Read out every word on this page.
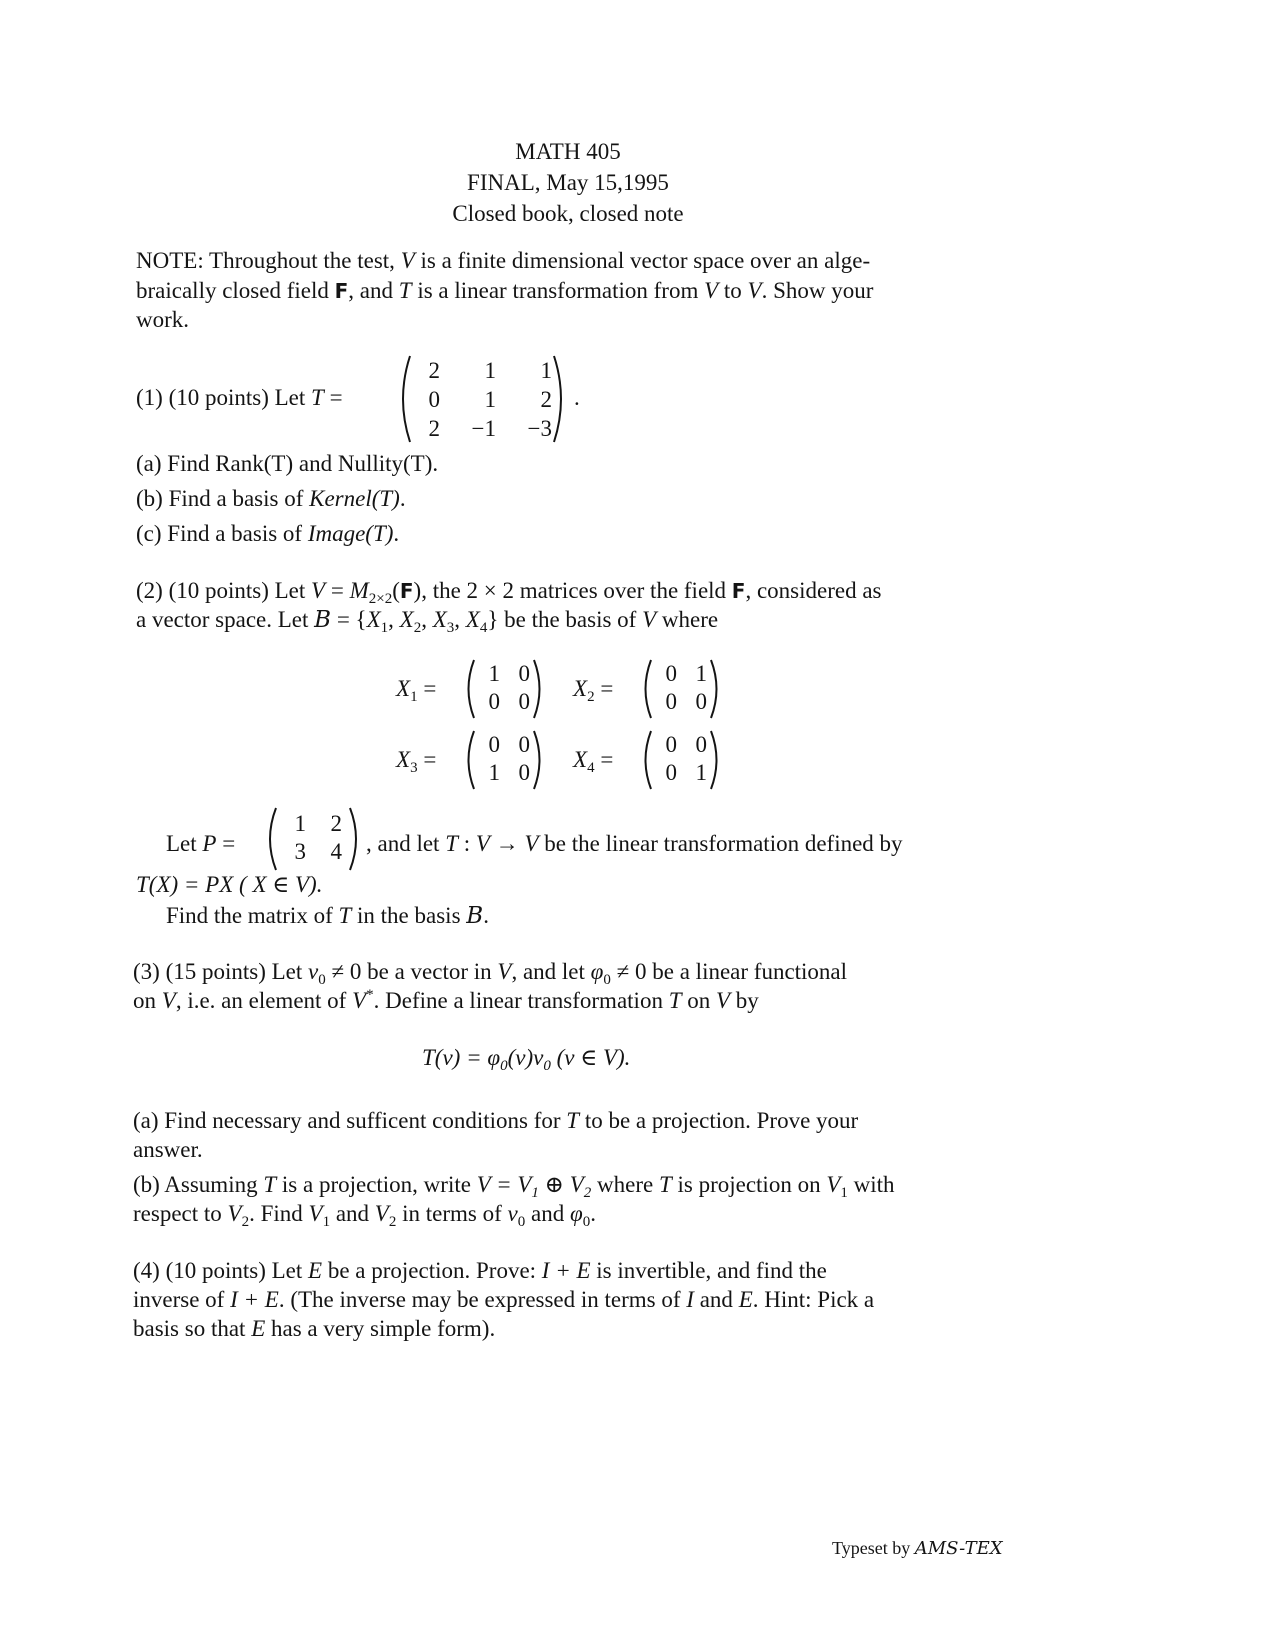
MATH 405
FINAL, May 15,1995
Closed book, closed note
NOTE: Throughout the test, V is a finite dimensional vector space over an alge-
braically closed field F, and T is a linear transformation from V to V. Show your
work.
(1) (10 points) Let T =
2	1	1
0	1	2
2	−1	−3
.
(a) Find Rank(T) and Nullity(T).
(b) Find a basis of Kernel(T).
(c) Find a basis of Image(T).
(2) (10 points) Let $V = M_{2\times 2}(F)$, the 2 × 2 matrices over the field F, considered as
a vector space. Let $B = \{X_1$, $X_2$, $X_3$, $X_4$} be the basis of V where
$X_1$ =
1 0
0 0
$X_2$ =
0 1
0 0
$X_3$ =
0 0
1 0
$X_4$ =
0 0
0 1
Let P =
1	2
3	4 , and let T : V → V be the linear transformation defined by
T(X) = PX ( X ∈ V).
Find the matrix of T in the basis B.
(3) (15 points) Let $v_0 \ne 0$ be a vector in V, and let $\varphi_0 \ne 0$ be a linear functional
on V, i.e. an element of V*. Define a linear transformation T on V by
$T(v) = \varphi_0(v)v_0$ (v ∈ V).
(a) Find necessary and sufficent conditions for T to be a projection. Prove your
answer.
(b) Assuming T is a projection, write $V = V_1$ ⊕ $V_2$ where T is projection on $V_1$ with
respect to $V_2$. Find $V_1$ and $V_2$ in terms of $v_0$ and $\varphi_0$.
(4) (10 points) Let E be a projection. Prove: I + E is invertible, and find the
inverse of I + E. (The inverse may be expressed in terms of I and E. Hint: Pick a
basis so that E has a very simple form).
Typeset by AMS-TEX
